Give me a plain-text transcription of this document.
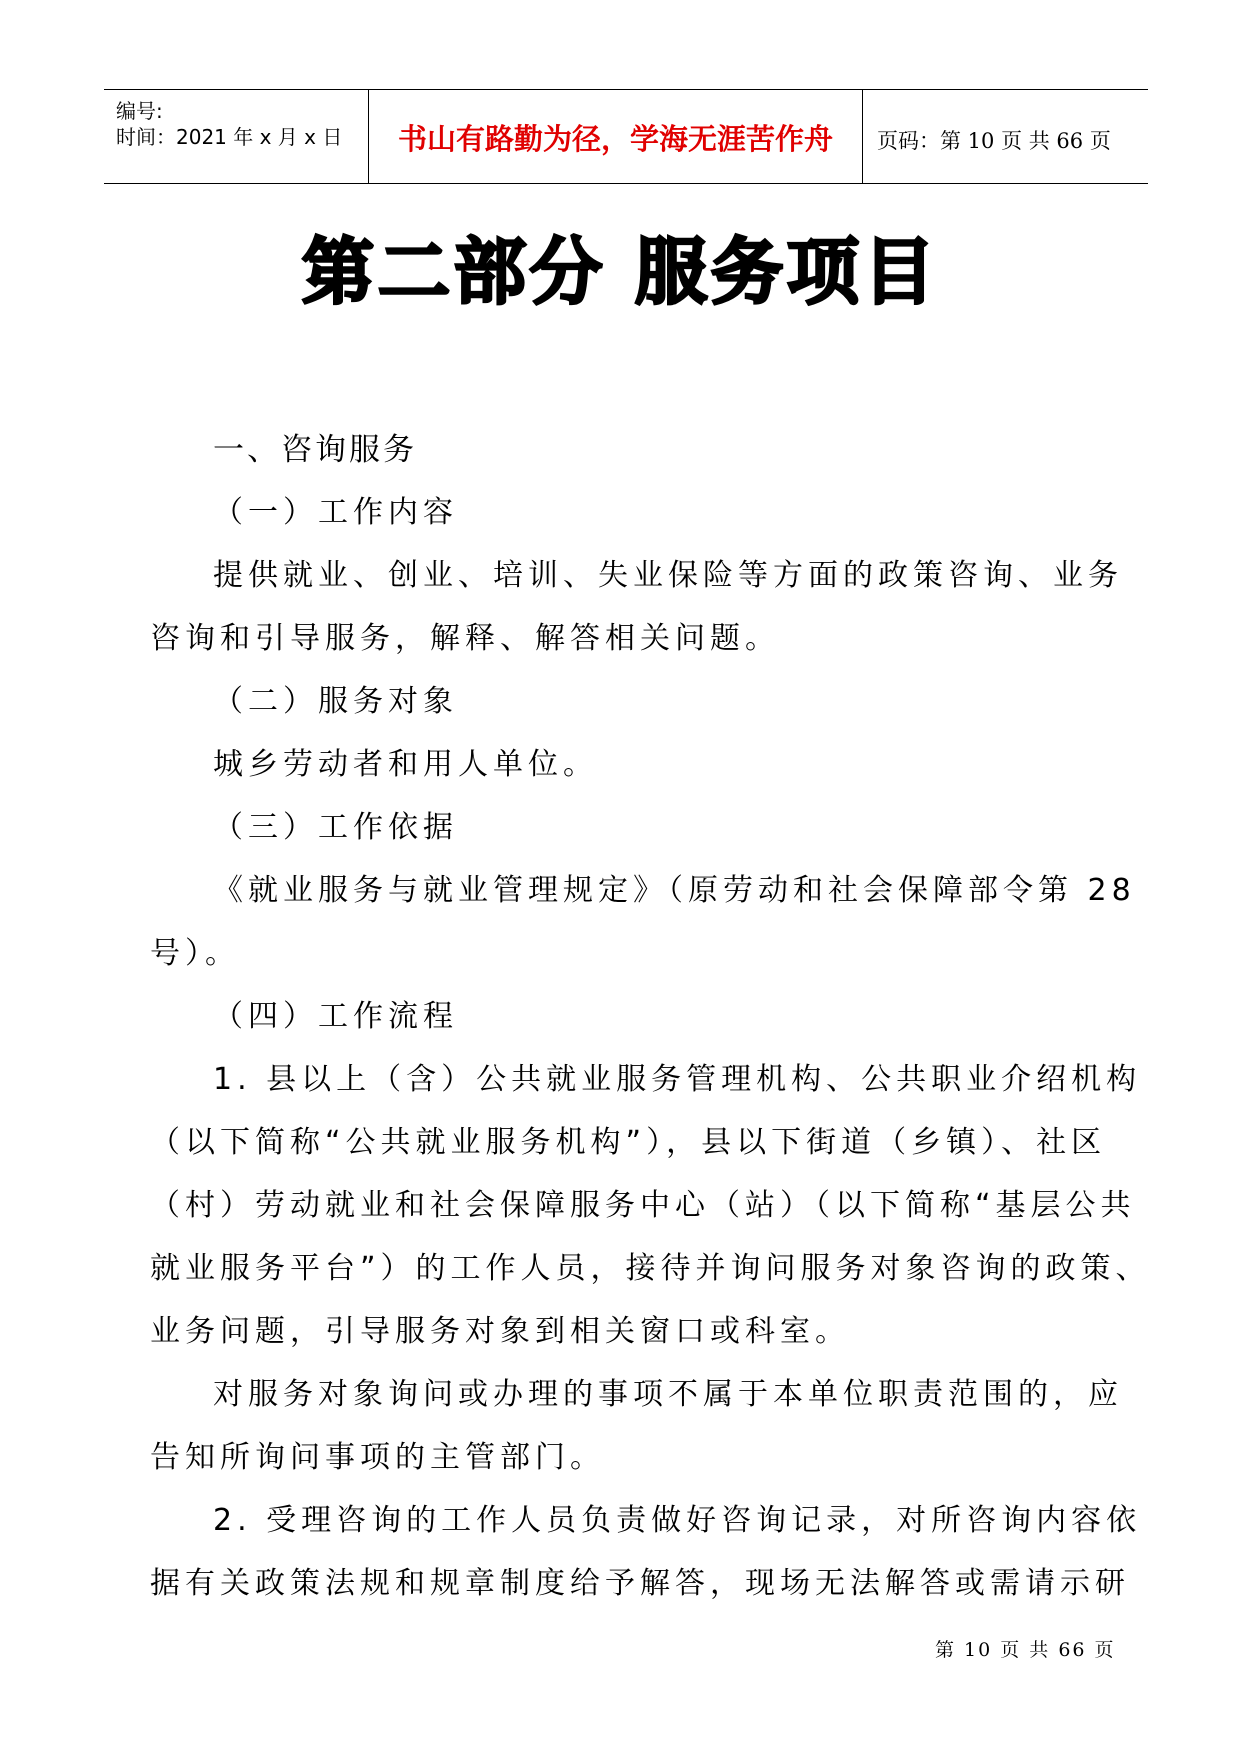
编号:
时间：2021 年 x 月 x 日	书山有路勤为径，学海无涯苦作舟	页码：第 10 页 共 66 页
第二部分 服务项目
一、咨询服务
（一）工作内容
提供就业、创业、培训、失业保险等方面的政策咨询、业务
咨询和引导服务，解释、解答相关问题。
（二）服务对象
城乡劳动者和用人单位。
（三）工作依据
《就业服务与就业管理规定》（原劳动和社会保障部令第 28
号）。
（四）工作流程
1. 县以上（含）公共就业服务管理机构、公共职业介绍机构
（以下简称“公共就业服务机构”），县以下街道（乡镇）、社区
（村）劳动就业和社会保障服务中心（站）（以下简称“基层公共
就业服务平台”）的工作人员，接待并询问服务对象咨询的政策、
业务问题，引导服务对象到相关窗口或科室。
对服务对象询问或办理的事项不属于本单位职责范围的，应
告知所询问事项的主管部门。
2. 受理咨询的工作人员负责做好咨询记录，对所咨询内容依
据有关政策法规和规章制度给予解答，现场无法解答或需请示研
第 10 页 共 66 页
